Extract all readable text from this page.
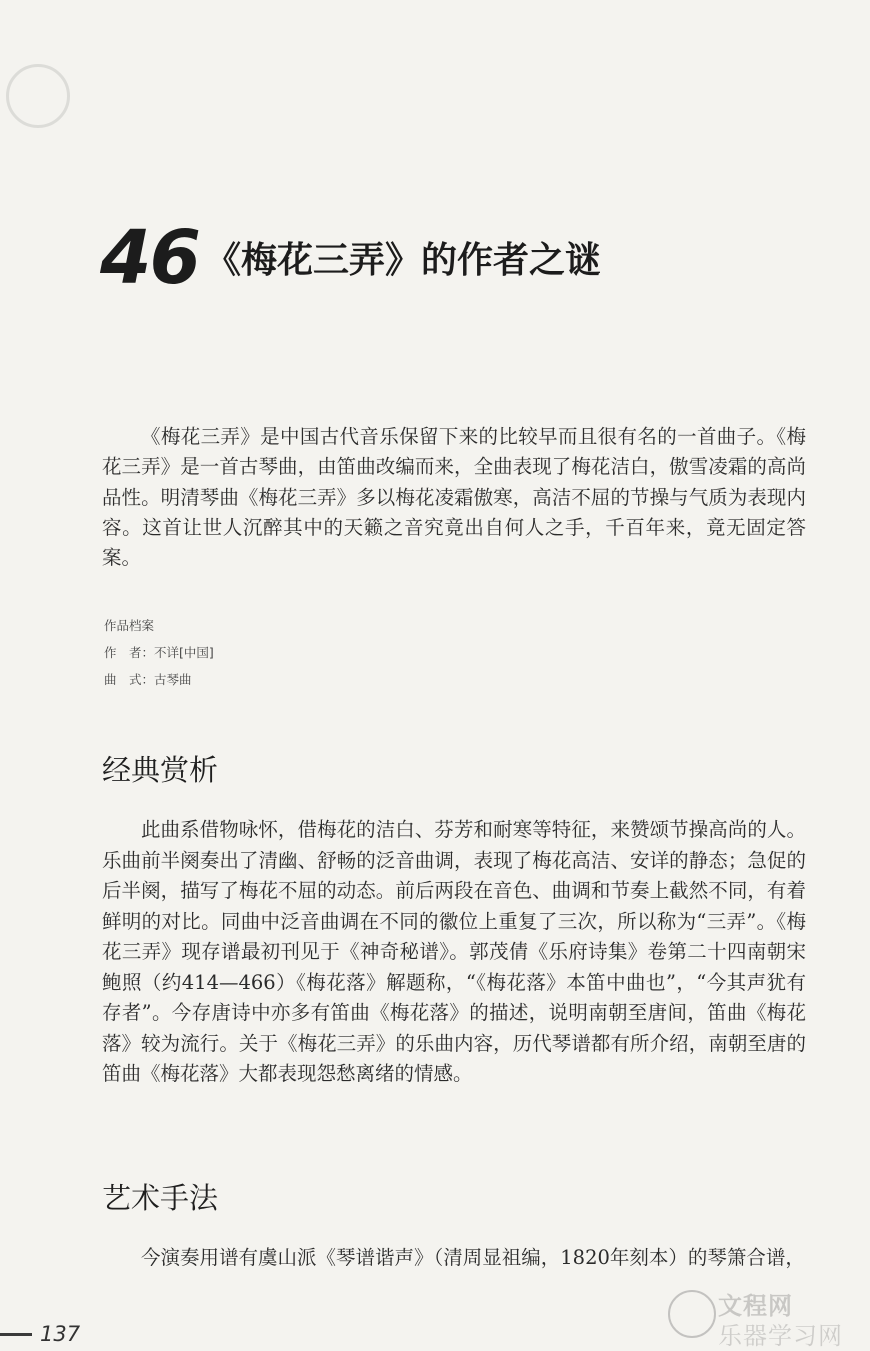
46 《梅花三弄》的作者之谜
《梅花三弄》是中国古代音乐保留下来的比较早而且很有名的一首曲子。《梅花三弄》是一首古琴曲，由笛曲改编而来，全曲表现了梅花洁白，傲雪凌霜的高尚品性。明清琴曲《梅花三弄》多以梅花凌霜傲寒，高洁不屈的节操与气质为表现内容。这首让世人沉醉其中的天籁之音究竟出自何人之手，千百年来，竟无固定答案。
作品档案
作　者：不详[中国]
曲　式：古琴曲
经典赏析
此曲系借物咏怀，借梅花的洁白、芬芳和耐寒等特征，来赞颂节操高尚的人。乐曲前半阕奏出了清幽、舒畅的泛音曲调，表现了梅花高洁、安详的静态；急促的后半阕，描写了梅花不屈的动态。前后两段在音色、曲调和节奏上截然不同，有着鲜明的对比。同曲中泛音曲调在不同的徽位上重复了三次，所以称为“三弄”。《梅花三弄》现存谱最初刊见于《神奇秘谱》。郭茂倩《乐府诗集》卷第二十四南朝宋鲍照（约414—466）《梅花落》解题称，“《梅花落》本笛中曲也”，“今其声犹有存者”。今存唐诗中亦多有笛曲《梅花落》的描述，说明南朝至唐间，笛曲《梅花落》较为流行。关于《梅花三弄》的乐曲内容，历代琴谱都有所介绍，南朝至唐的笛曲《梅花落》大都表现怨愁离绪的情感。
艺术手法
今演奏用谱有虞山派《琴谱谐声》（清周显祖编，1820年刻本）的琴箫合谱，
137
文程网
乐器学习网
